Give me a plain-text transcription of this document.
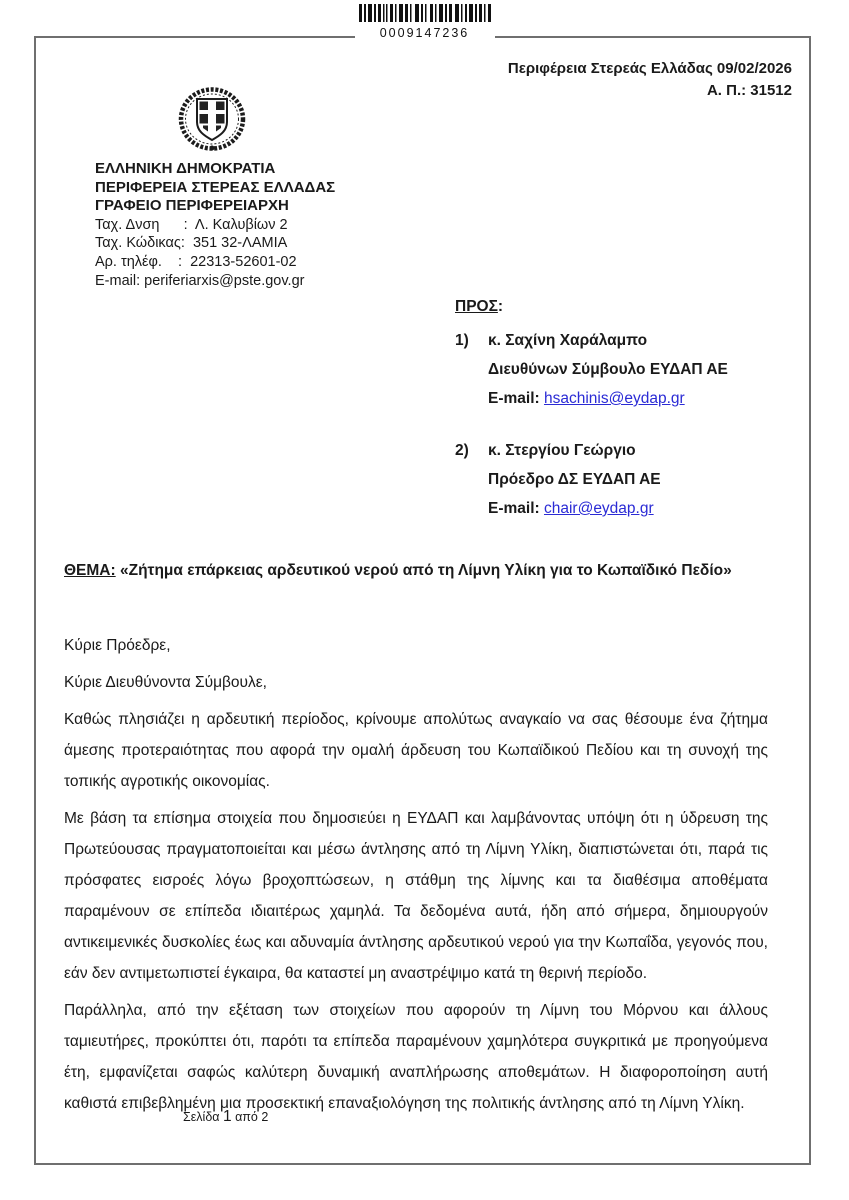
0009147236
Περιφέρεια Στερεάς Ελλάδας 09/02/2026
Α. Π.: 31512
ΕΛΛΗΝΙΚΗ ΔΗΜΟΚΡΑΤΙΑ
ΠΕΡΙΦΕΡΕΙΑ ΣΤΕΡΕΑΣ ΕΛΛΑΔΑΣ
ΓΡΑΦΕΙΟ ΠΕΡΙΦΕΡΕΙΑΡΧΗ
Ταχ. Δνση      :  Λ. Καλυβίων 2
Ταχ. Κώδικας:  351 32-ΛΑΜΙΑ
Αρ. τηλέφ.    :  22313-52601-02
E-mail: periferiarxis@pste.gov.gr
ΠΡΟΣ:
1)	κ. Σαχίνη Χαράλαμπο
Διευθύνων Σύμβουλο ΕΥΔΑΠ ΑΕ
E-mail: hsachinis@eydap.gr
2)	κ. Στεργίου Γεώργιο
Πρόεδρο ΔΣ ΕΥΔΑΠ ΑΕ
E-mail: chair@eydap.gr
ΘΕΜΑ: «Ζήτημα επάρκειας αρδευτικού νερού από τη Λίμνη Υλίκη για το Κωπαϊδικό Πεδίο»

Κύριε Πρόεδρε,

Κύριε Διευθύνοντα Σύμβουλε,

Καθώς πλησιάζει η αρδευτική περίοδος, κρίνουμε απολύτως αναγκαίο να σας θέσουμε ένα ζήτημα άμεσης προτεραιότητας που αφορά την ομαλή άρδευση του Κωπαϊδικού Πεδίου και τη συνοχή της τοπικής αγροτικής οικονομίας.

Με βάση τα επίσημα στοιχεία που δημοσιεύει η ΕΥΔΑΠ και λαμβάνοντας υπόψη ότι η ύδρευση της Πρωτεύουσας πραγματοποιείται και μέσω άντλησης από τη Λίμνη Υλίκη, διαπιστώνεται ότι, παρά τις πρόσφατες εισροές λόγω βροχοπτώσεων, η στάθμη της λίμνης και τα διαθέσιμα αποθέματα παραμένουν σε επίπεδα ιδιαιτέρως χαμηλά. Τα δεδομένα αυτά, ήδη από σήμερα, δημιουργούν αντικειμενικές δυσκολίες έως και αδυναμία άντλησης αρδευτικού νερού για την Κωπαΐδα, γεγονός που, εάν δεν αντιμετωπιστεί έγκαιρα, θα καταστεί μη αναστρέψιμο κατά τη θερινή περίοδο.

Παράλληλα, από την εξέταση των στοιχείων που αφορούν τη Λίμνη του Μόρνου και άλλους ταμιευτήρες, προκύπτει ότι, παρότι τα επίπεδα παραμένουν χαμηλότερα συγκριτικά με προηγούμενα έτη, εμφανίζεται σαφώς καλύτερη δυναμική αναπλήρωσης αποθεμάτων. Η διαφοροποίηση αυτή καθιστά επιβεβλημένη μια προσεκτική επαναξιολόγηση της πολιτικής άντλησης από τη Λίμνη Υλίκη.

Σελίδα 1 από 2
